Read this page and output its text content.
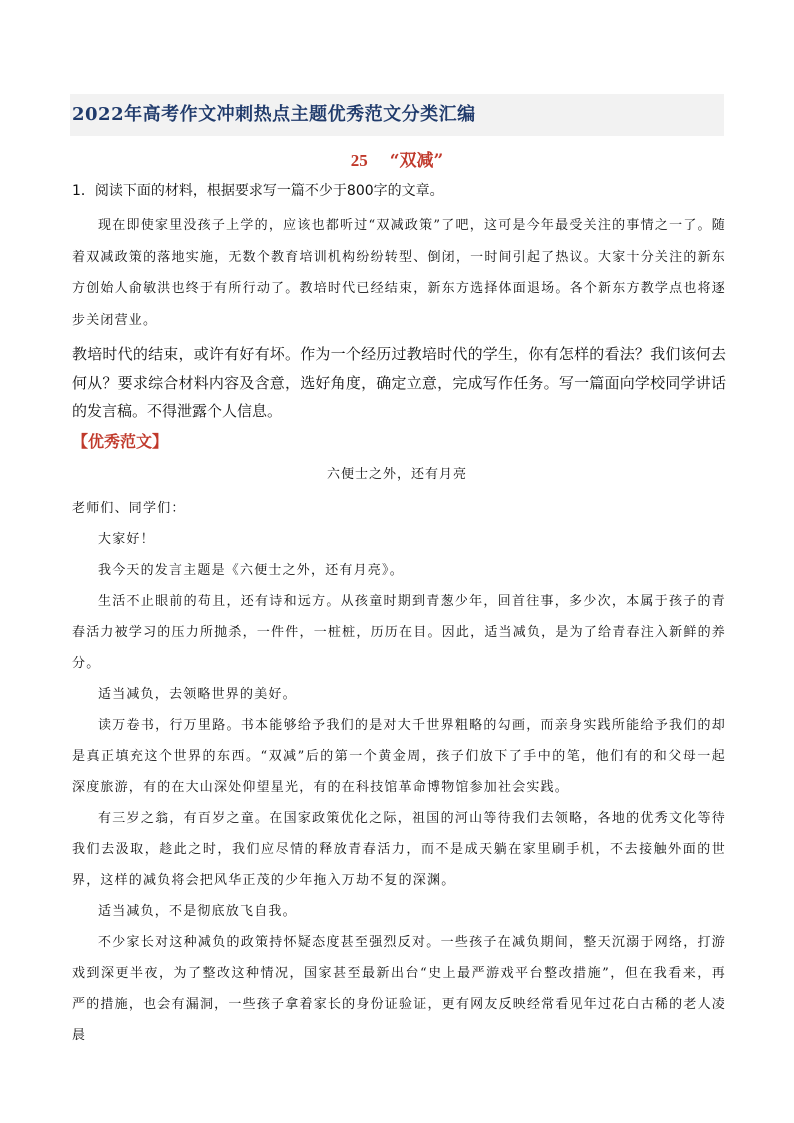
2022年高考作文冲刺热点主题优秀范文分类汇编
25 “双减”
1．阅读下面的材料，根据要求写一篇不少于800字的文章。

现在即使家里没孩子上学的，应该也都听过“双减政策”了吧，这可是今年最受关注的事情之一了。随着双减政策的落地实施，无数个教育培训机构纷纷转型、倒闭，一时间引起了热议。大家十分关注的新东方创始人俞敏洪也终于有所行动了。教培时代已经结束，新东方选择体面退场。各个新东方教学点也将逐步关闭营业。

教培时代的结束，或许有好有坏。作为一个经历过教培时代的学生，你有怎样的看法？我们该何去何从？要求综合材料内容及含意，选好角度，确定立意，完成写作任务。写一篇面向学校同学讲话的发言稿。不得泄露个人信息。

【优秀范文】
六便士之外，还有月亮

老师们、同学们：

大家好！

我今天的发言主题是《六便士之外，还有月亮》。

生活不止眼前的苟且，还有诗和远方。从孩童时期到青葱少年，回首往事，多少次，本属于孩子的青春活力被学习的压力所抛杀，一件件，一桩桩，历历在目。因此，适当减负，是为了给青春注入新鲜的养分。

适当减负，去领略世界的美好。

读万卷书，行万里路。书本能够给予我们的是对大千世界粗略的勾画，而亲身实践所能给予我们的却是真正填充这个世界的东西。“双减”后的第一个黄金周，孩子们放下了手中的笔，他们有的和父母一起深度旅游，有的在大山深处仰望星光，有的在科技馆革命博物馆参加社会实践。

有三岁之翁，有百岁之童。在国家政策优化之际，祖国的河山等待我们去领略，各地的优秀文化等待我们去汲取，趁此之时，我们应尽情的释放青春活力，而不是成天躺在家里刷手机，不去接触外面的世界，这样的减负将会把风华正茂的少年拖入万劫不复的深渊。

适当减负，不是彻底放飞自我。

不少家长对这种减负的政策持怀疑态度甚至强烈反对。一些孩子在减负期间，整天沉溺于网络，打游戏到深更半夜，为了整改这种情况，国家甚至最新出台“史上最严游戏平台整改措施”，但在我看来，再严的措施，也会有漏洞，一些孩子拿着家长的身份证验证，更有网友反映经常看见年过花白古稀的老人凌晨
